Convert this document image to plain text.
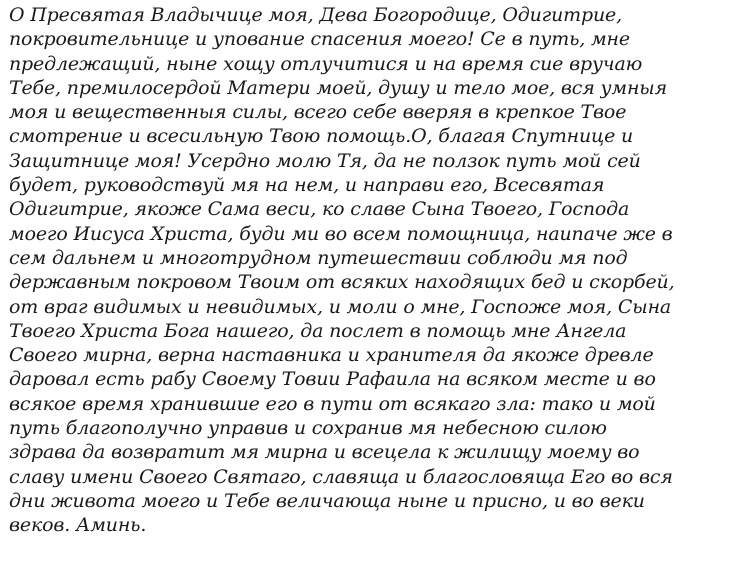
О Пресвятая Владычице моя, Дева Богородице, Одигитрие,
покровительнице и упование спасения моего! Се в путь, мне
предлежащий, ныне хощу отлучитися и на время сие вручаю
Тебе, премилосердой Матери моей, душу и тело мое, вся умныя
моя и вещественныя силы, всего себе вверяя в крепкое Твое
смотрение и всесильную Твою помощь.О, благая Спутнице и
Защитнице моя! Усердно молю Тя, да не ползок путь мой сей
будет, руководствуй мя на нем, и направи его, Всесвятая
Одигитрие, якоже Сама веси, ко славе Сына Твоего, Господа
моего Иисуса Христа, буди ми во всем помощница, наипаче же в
сем дальнем и многотрудном путешествии соблюди мя под
державным покровом Твоим от всяких находящих бед и скорбей,
от враг видимых и невидимых, и моли о мне, Госпоже моя, Сына
Твоего Христа Бога нашего, да послет в помощь мне Ангела
Своего мирна, верна наставника и хранителя да якоже древле
даровал есть рабу Своему Товии Рафаила на всяком месте и во
всякое время хранившие его в пути от всякаго зла: тако и мой
путь благополучно управив и сохранив мя небесною силою
здрава да возвратит мя мирна и всецела к жилищу моему во
славу имени Своего Святаго, славяща и благословяща Его во вся
дни живота моего и Тебе величающа ныне и присно, и во веки
веков. Аминь.
